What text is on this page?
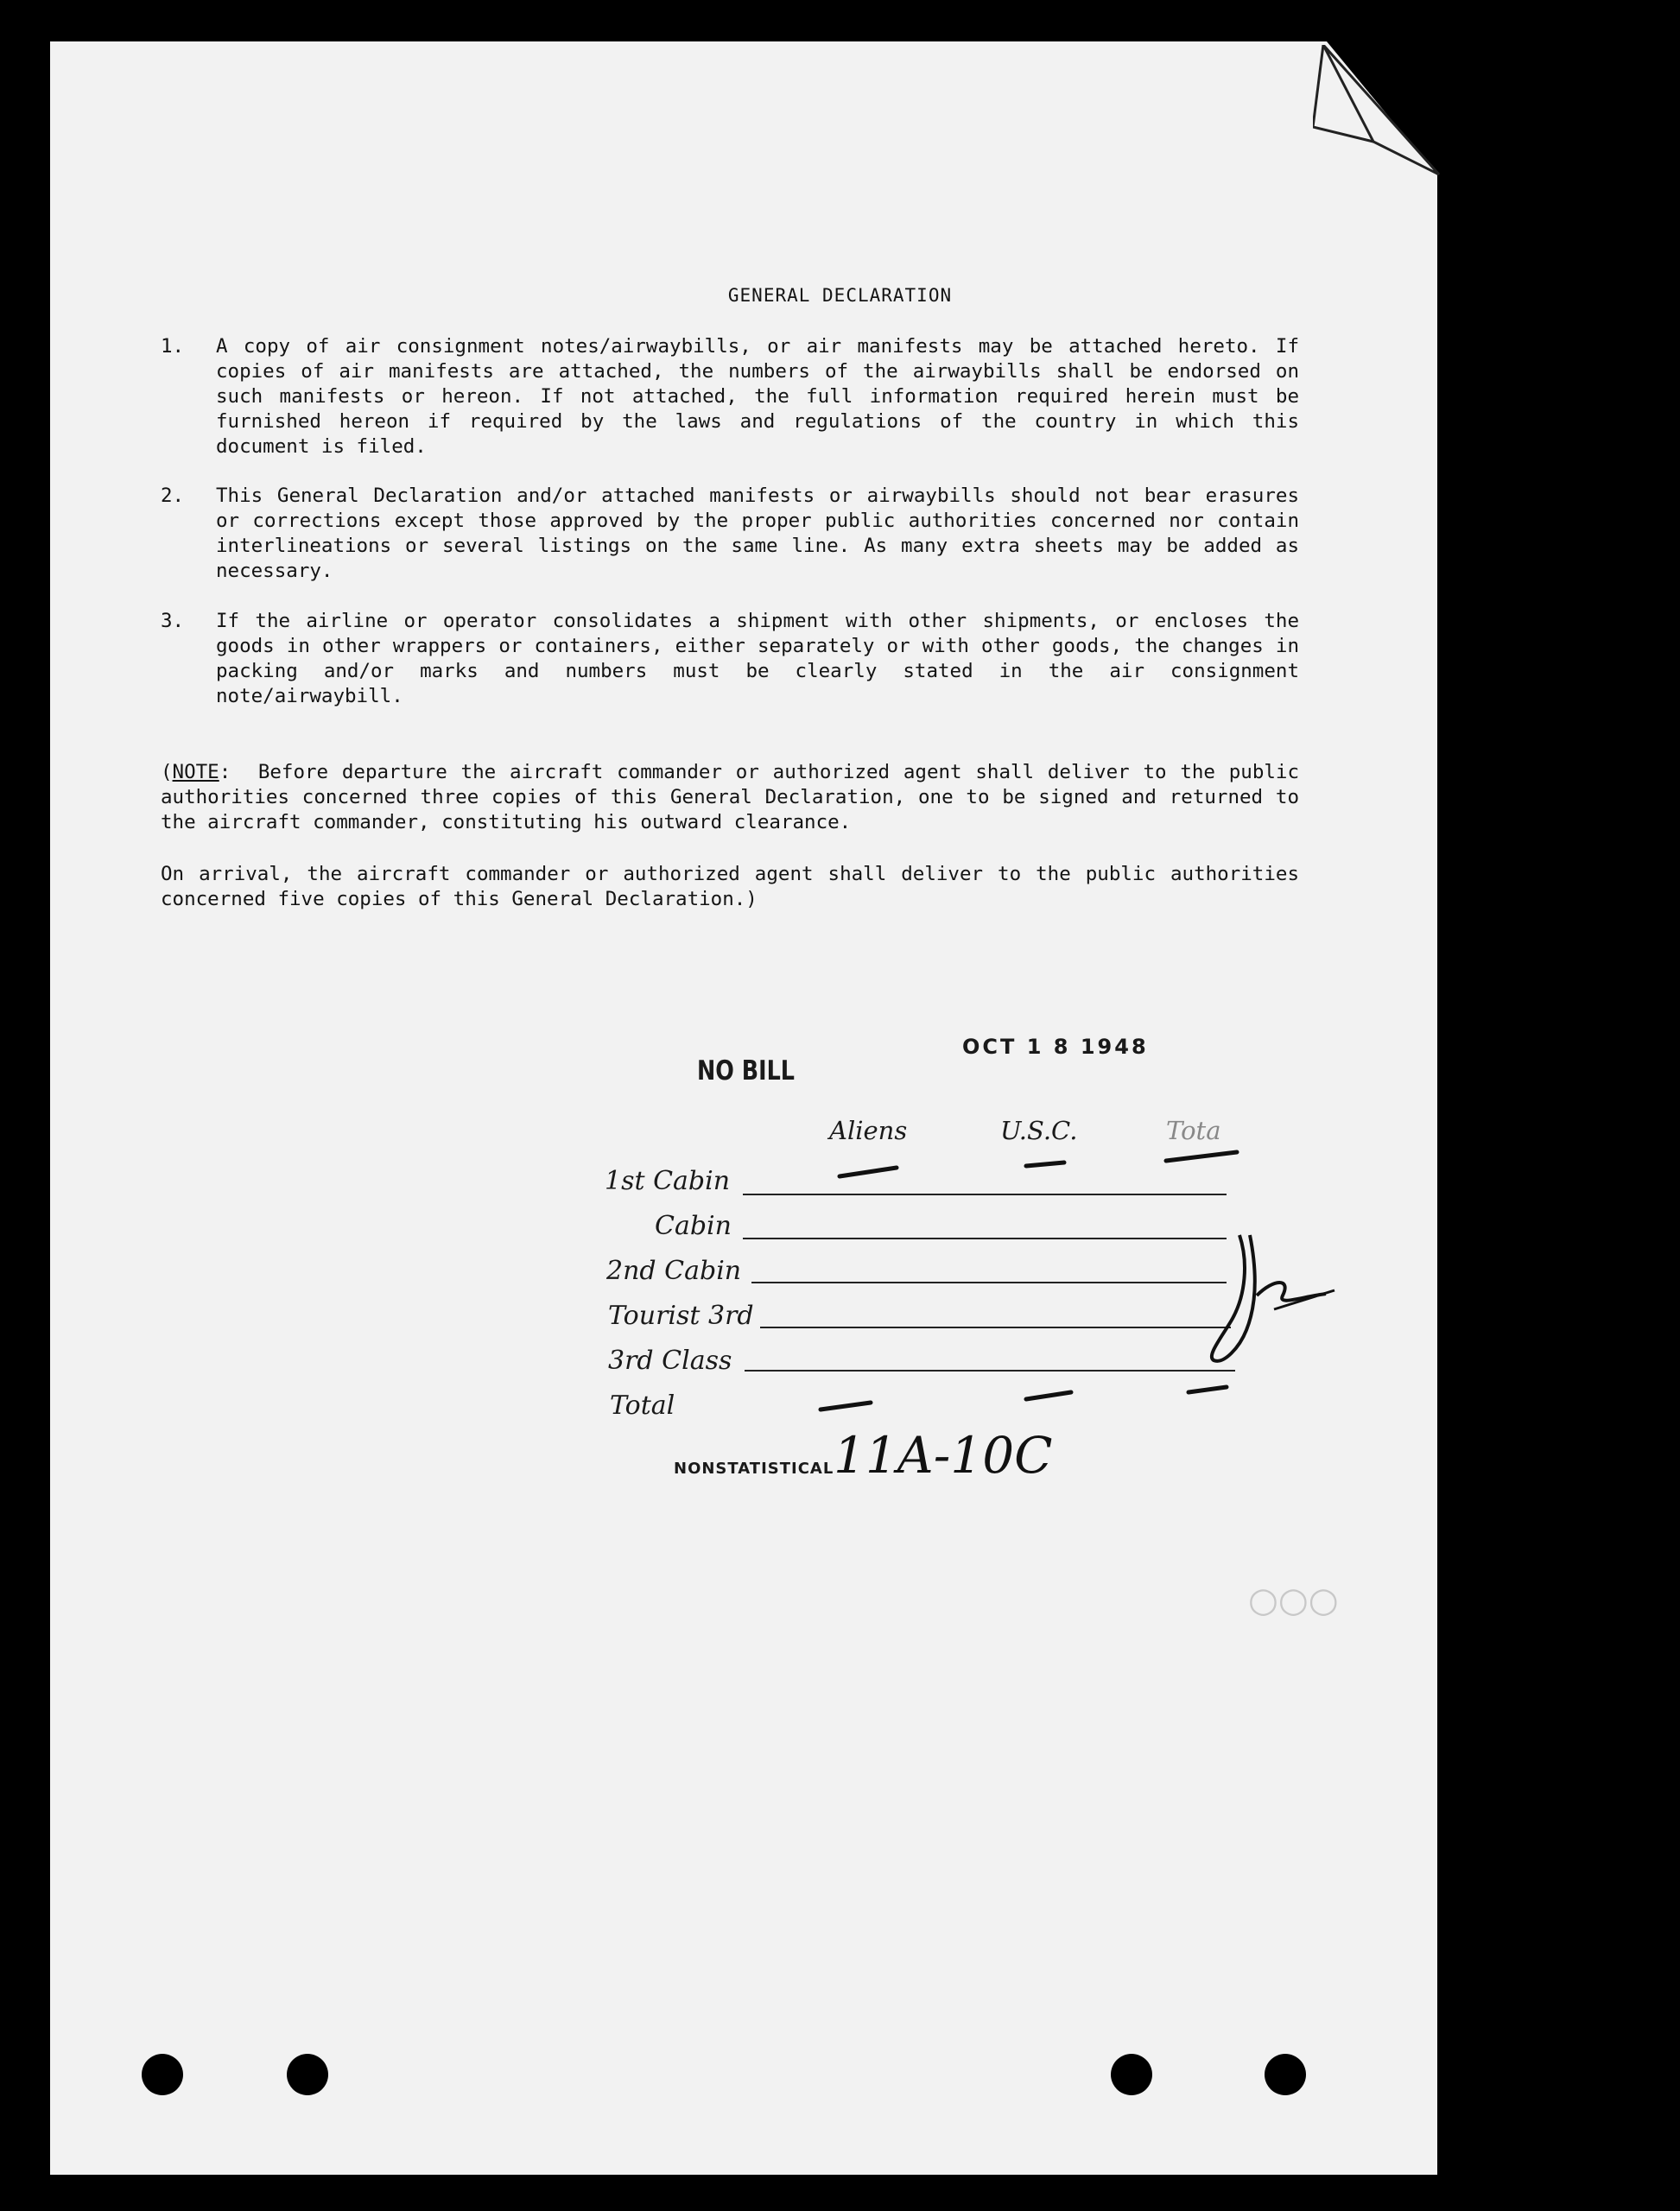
○○○
GENERAL DECLARATION
1. A copy of air consignment notes/airwaybills, or air manifests may be attached hereto. If copies of air manifests are attached, the numbers of the airwaybills shall be endorsed on such manifests or hereon. If not attached, the full information required herein must be furnished hereon if required by the laws and regulations of the country in which this document is filed.
2. This General Declaration and/or attached manifests or airwaybills should not bear erasures or corrections except those approved by the proper public authorities concerned nor contain interlineations or several listings on the same line. As many extra sheets may be added as necessary.
3. If the airline or operator consolidates a shipment with other shipments, or encloses the goods in other wrappers or containers, either separately or with other goods, the changes in packing and/or marks and numbers must be clearly stated in the air consignment note/airwaybill.
(NOTE:  Before departure the aircraft commander or authorized agent shall deliver to the public authorities concerned three copies of this General Declaration, one to be signed and returned to the aircraft commander, constituting his outward clearance.
On arrival, the aircraft commander or authorized agent shall deliver to the public authorities concerned five copies of this General Declaration.)
OCT 1 8 1948
NO BILL
Aliens	U.S.C.	Tota
1st Cabin
Cabin
2nd Cabin
Tourist 3rd
3rd Class
Total
NONSTATISTICAL 11A-10C
